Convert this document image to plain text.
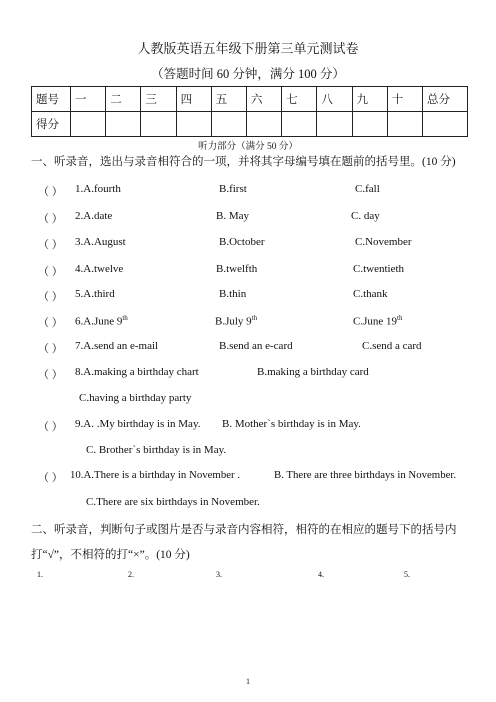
人教版英语五年级下册第三单元测试卷
（答题时间 60 分钟，满分 100 分）
题号	一	二	三	四	五	六	七	八	九	十	总分
得分											
听力部分（满分 50 分）
一、听录音，选出与录音相符合的一项，并将其字母编号填在题前的括号里。(10 分)
（ ） 1.A.fourth	B.first	C.fall
（ ） 2.A.date	B. May	C. day
（ ） 3.A.August	B.October	C.November
（ ） 4.A.twelve	B.twelfth	C.twentieth
（ ） 5.A.third	B.thin	C.thank
（ ） 6.A.June 9th	B.July 9th	C.June 19th
（ ） 7.A.send an e-mail	B.send an e-card	C.send a card
（ ） 8.A.making a birthday chart	B.making a birthday card
C.having a birthday party
（ ） 9.A. .My birthday is in May. B. Mother`s birthday is in May.
C. Brother`s birthday is in May.
（ ） 10.A.There is a birthday in November .	B. There are three birthdays in November.
C.There are six birthdays in November.
二、听录音，判断句子或图片是否与录音内容相符，相符的在相应的题号下的括号内
打“√”，不相符的打“×”。(10 分)
1.	2.	3.	4.	5.
1
